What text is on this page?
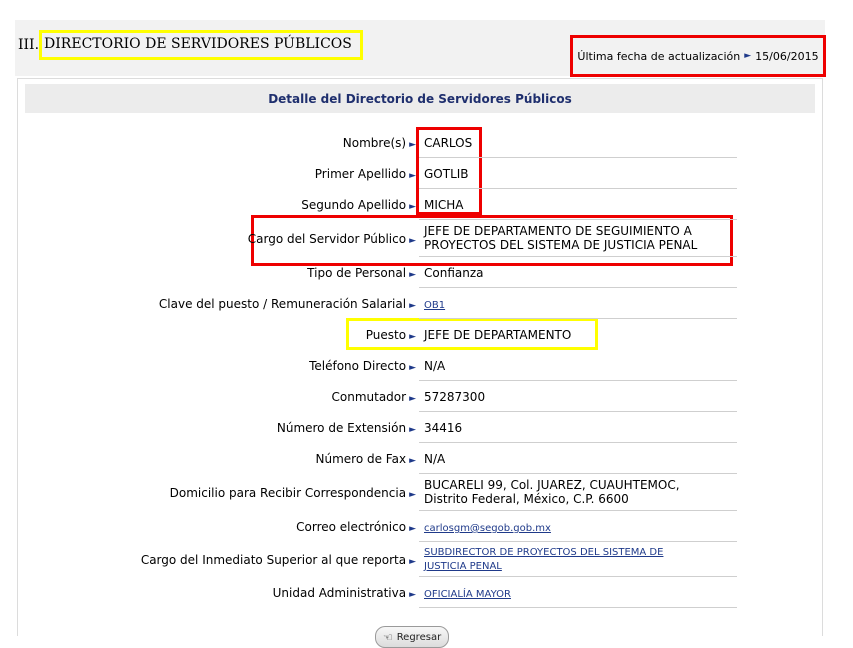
III. DIRECTORIO DE SERVIDORES PÚBLICOS
Última fecha de actualización ► 15/06/2015
Detalle del Directorio de Servidores Públicos
Nombre(s) ► CARLOS
Primer Apellido ► GOTLIB
Segundo Apellido ► MICHA
Cargo del Servidor Público ►
JEFE DE DEPARTAMENTO DE SEGUIMIENTO A
PROYECTOS DEL SISTEMA DE JUSTICIA PENAL
Tipo de Personal ► Confianza
Clave del puesto / Remuneración Salarial ► OB1
Puesto ► JEFE DE DEPARTAMENTO
Teléfono Directo ► N/A
Conmutador ► 57287300
Número de Extensión ► 34416
Número de Fax ► N/A
Domicilio para Recibir Correspondencia ►
BUCARELI 99, Col. JUAREZ, CUAUHTEMOC,
Distrito Federal, México, C.P. 6600
Correo electrónico ► carlosgm@segob.gob.mx
Cargo del Inmediato Superior al que reporta ►
SUBDIRECTOR DE PROYECTOS DEL SISTEMA DE
JUSTICIA PENAL
Unidad Administrativa ► OFICIALÍA MAYOR
☜ Regresar
